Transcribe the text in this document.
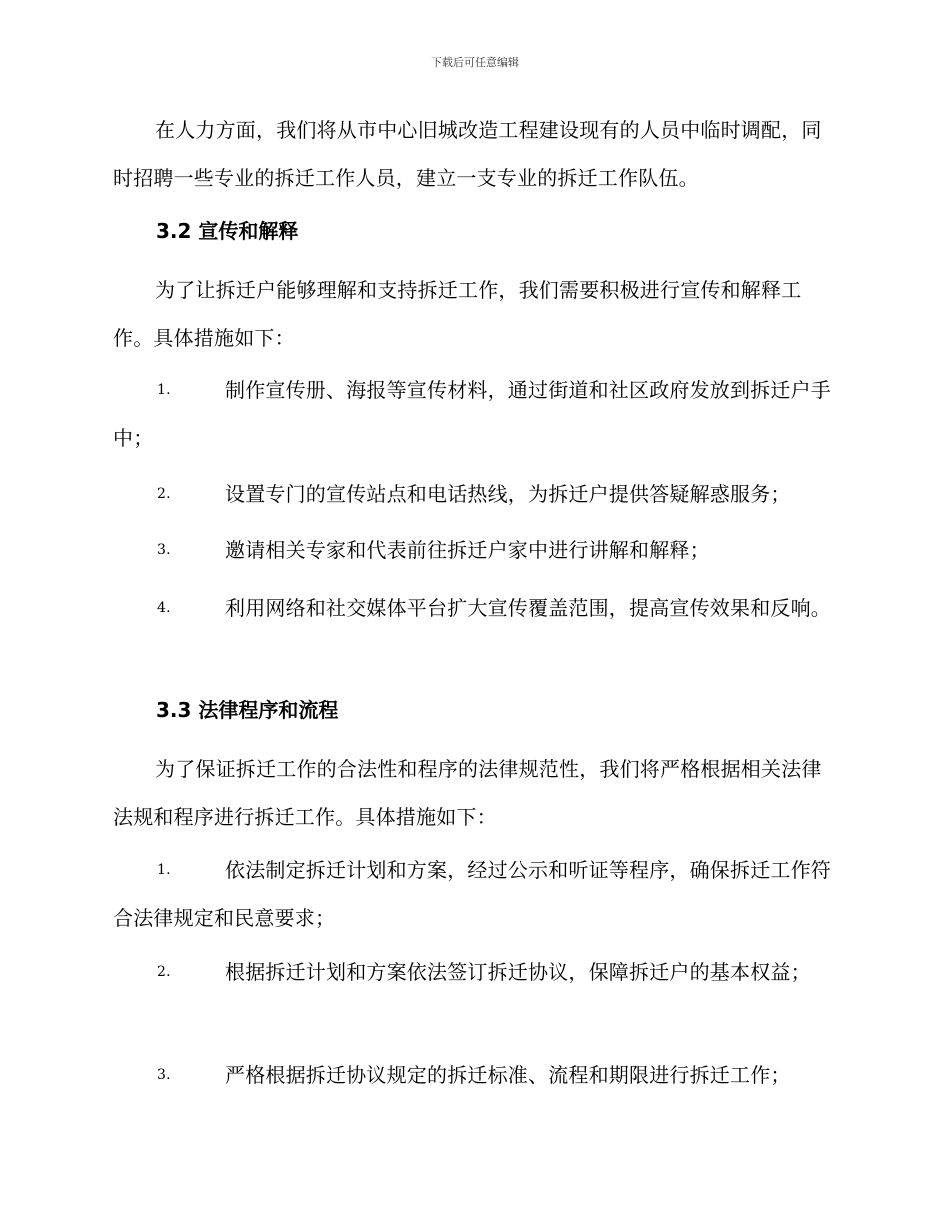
下载后可任意编辑

在人力方面，我们将从市中心旧城改造工程建设现有的人员中临时调配，同时招聘一些专业的拆迁工作人员，建立一支专业的拆迁工作队伍。

3.2 宣传和解释

为了让拆迁户能够理解和支持拆迁工作，我们需要积极进行宣传和解释工作。具体措施如下：

1.	制作宣传册、海报等宣传材料，通过街道和社区政府发放到拆迁户手中；
2.	设置专门的宣传站点和电话热线，为拆迁户提供答疑解惑服务；
3.	邀请相关专家和代表前往拆迁户家中进行讲解和解释；
4.	利用网络和社交媒体平台扩大宣传覆盖范围，提高宣传效果和反响。
3.3 法律程序和流程

为了保证拆迁工作的合法性和程序的法律规范性，我们将严格根据相关法律法规和程序进行拆迁工作。具体措施如下：

1.	依法制定拆迁计划和方案，经过公示和听证等程序，确保拆迁工作符合法律规定和民意要求；
2.	根据拆迁计划和方案依法签订拆迁协议，保障拆迁户的基本权益；
3.	严格根据拆迁协议规定的拆迁标准、流程和期限进行拆迁工作；
